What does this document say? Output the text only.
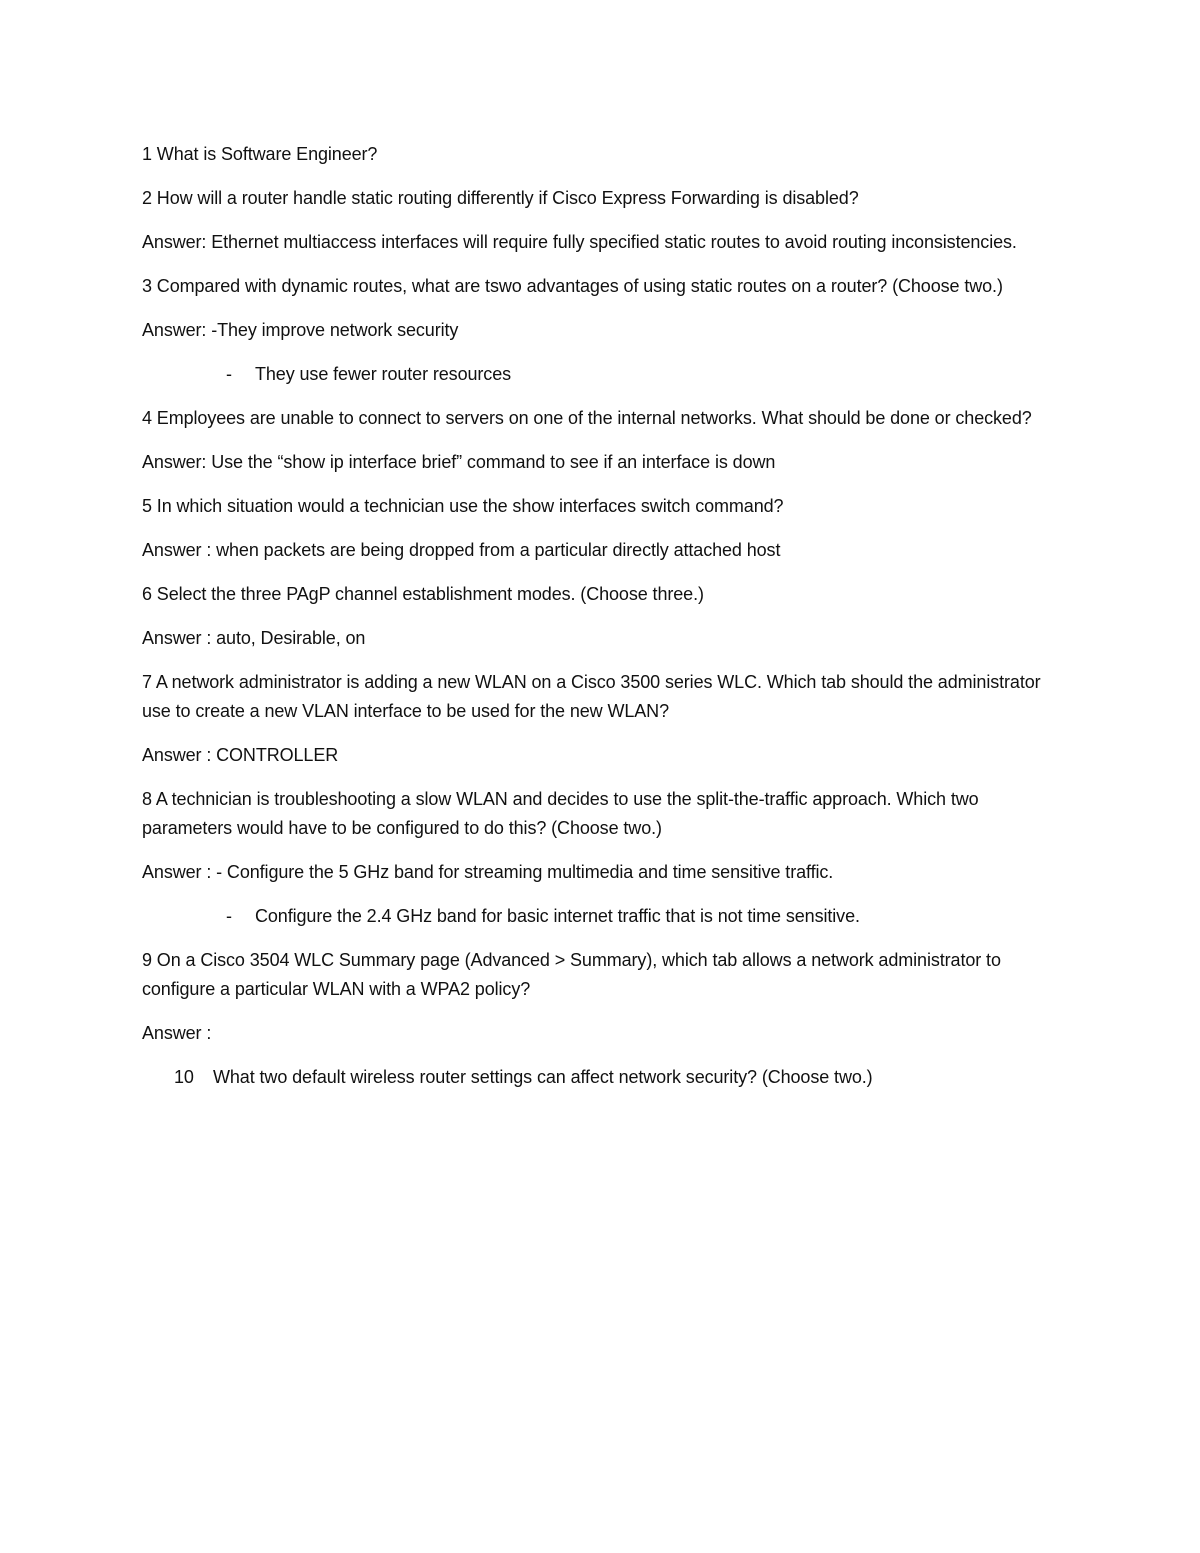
1 What is Software Engineer?

2 How will a router handle static routing differently if Cisco Express Forwarding is disabled?

Answer: Ethernet multiaccess interfaces will require fully specified static routes to avoid routing inconsistencies.

3 Compared with dynamic routes, what are tswo advantages of using static routes on a router? (Choose two.)

Answer: -They improve network security

- They use fewer router resources

4 Employees are unable to connect to servers on one of the internal networks. What should be done or checked?

Answer: Use the “show ip interface brief” command to see if an interface is down

5 In which situation would a technician use the show interfaces switch command?

Answer : when packets are being dropped from a particular directly attached host

6 Select the three PAgP channel establishment modes. (Choose three.)

Answer : auto, Desirable, on

7 A network administrator is adding a new WLAN on a Cisco 3500 series WLC. Which tab should the administrator use to create a new VLAN interface to be used for the new WLAN?

Answer : CONTROLLER

8 A technician is troubleshooting a slow WLAN and decides to use the split-the-traffic approach. Which two parameters would have to be configured to do this? (Choose two.)

Answer : - Configure the 5 GHz band for streaming multimedia and time sensitive traffic.

- Configure the 2.4 GHz band for basic internet traffic that is not time sensitive.

9 On a Cisco 3504 WLC Summary page (Advanced > Summary), which tab allows a network administrator to configure a particular WLAN with a WPA2 policy?

Answer :

10 What two default wireless router settings can affect network security? (Choose two.)
